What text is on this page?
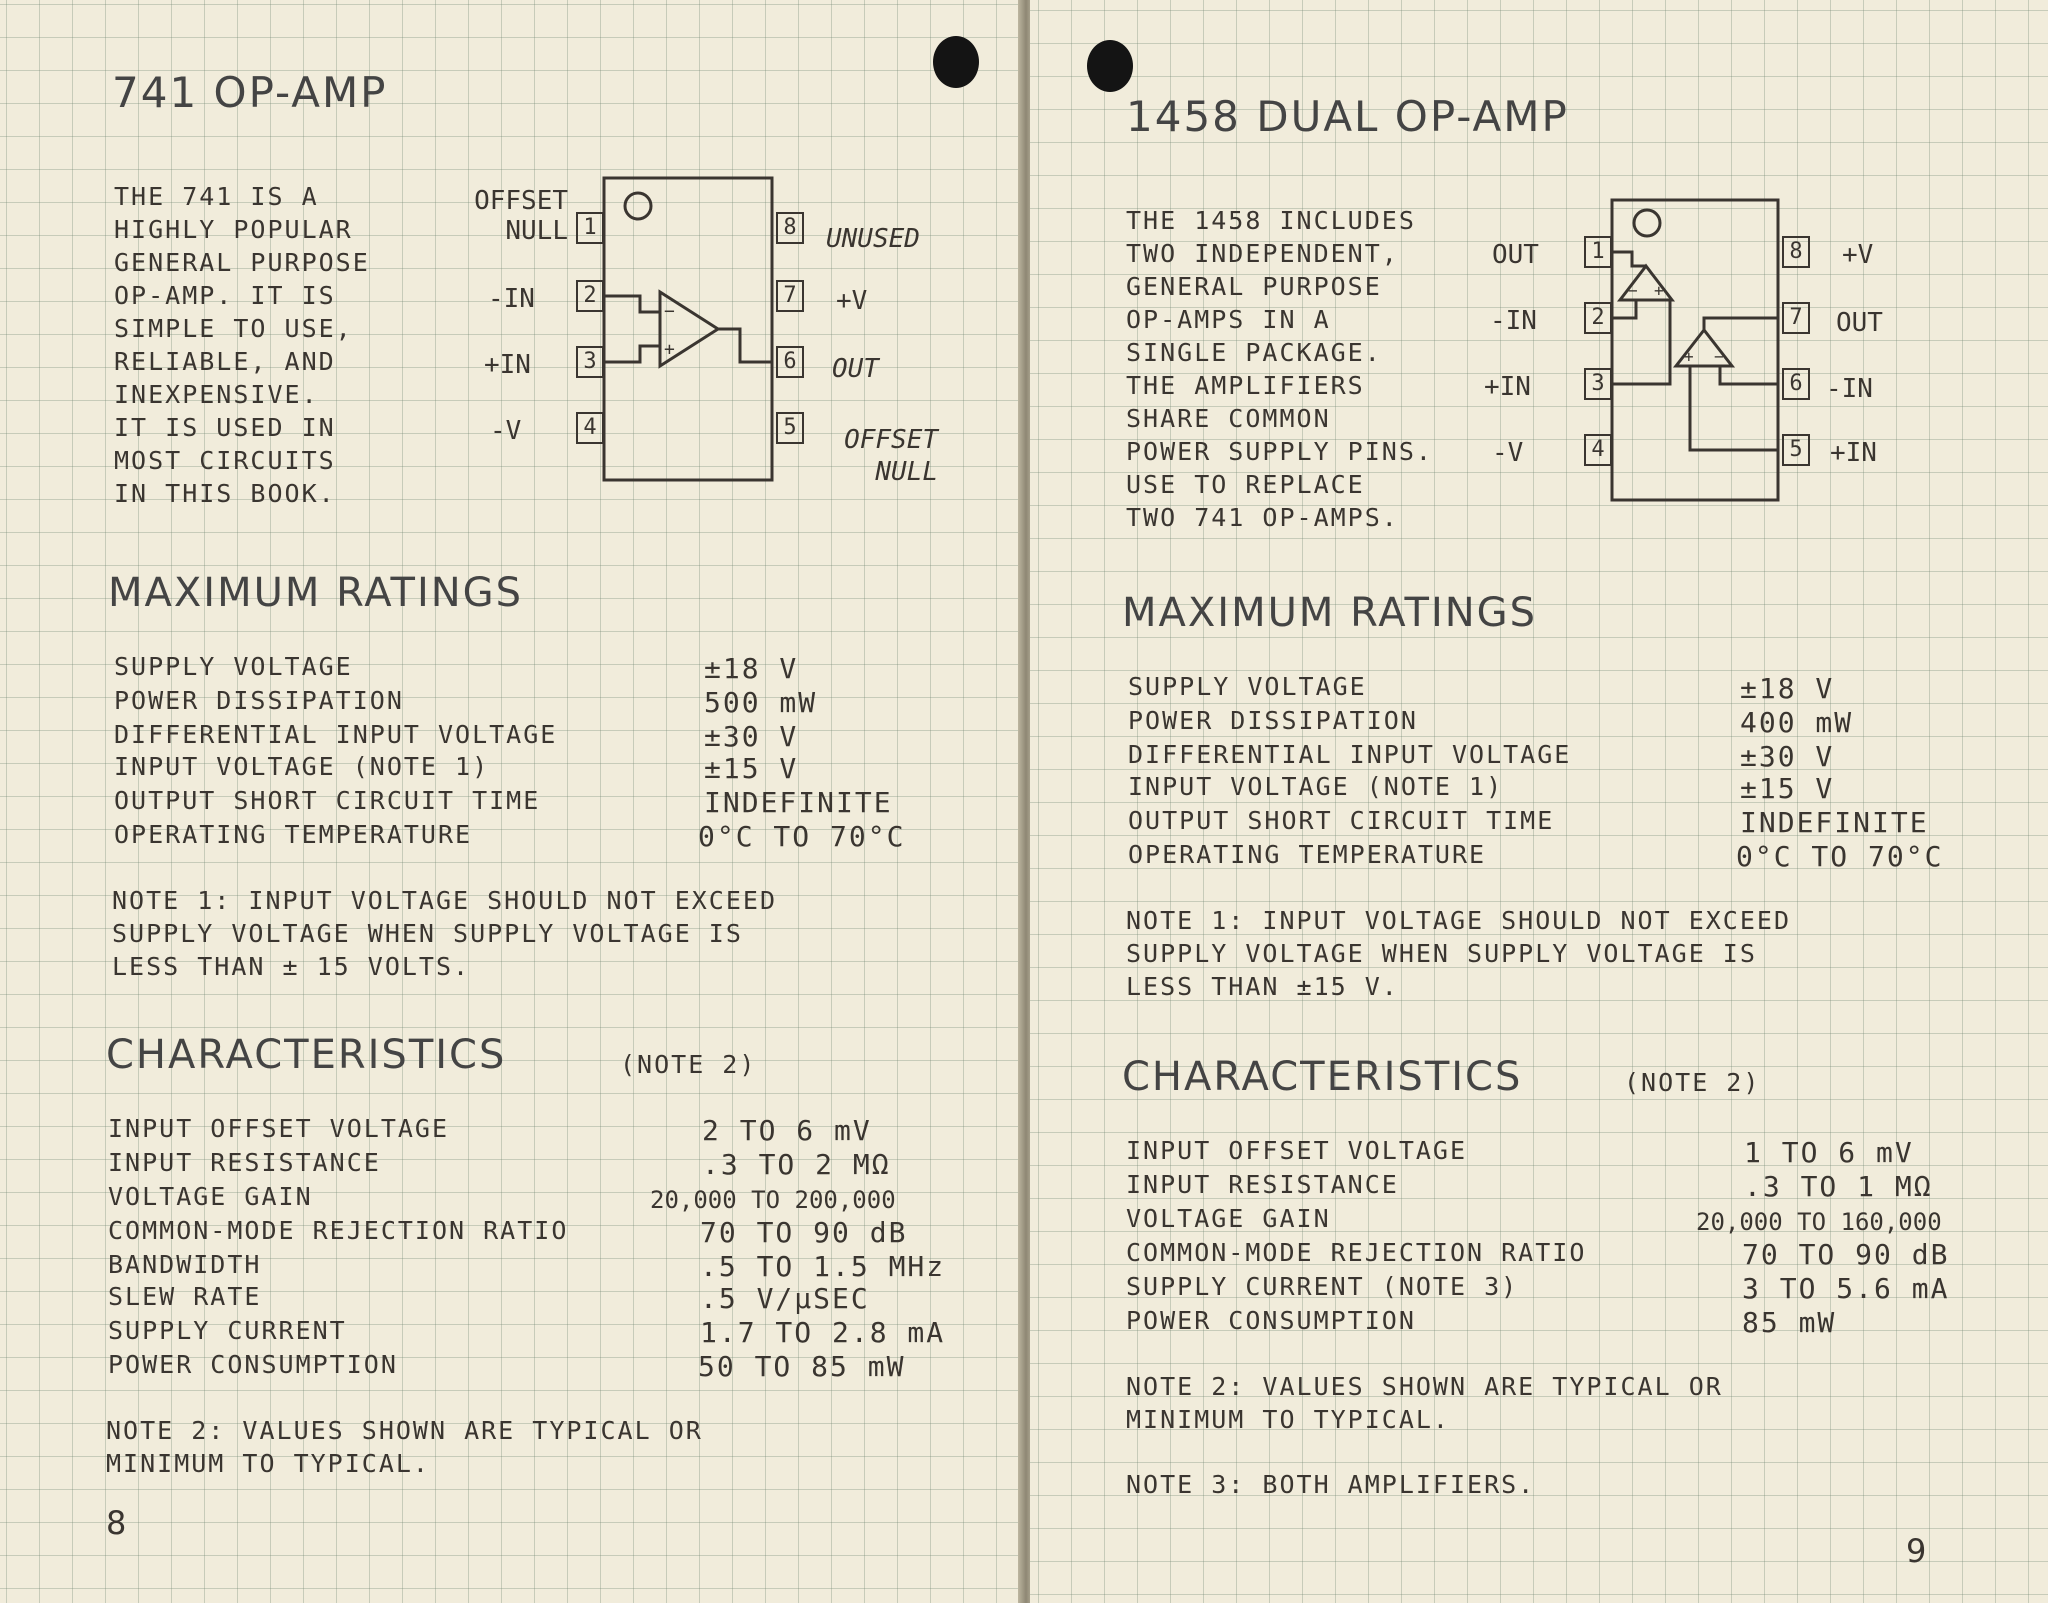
741 OP-AMP
THE 741 IS A
HIGHLY POPULAR
GENERAL PURPOSE
OP-AMP. IT IS
SIMPLE TO USE,
RELIABLE, AND
INEXPENSIVE.
IT IS USED IN
MOST CIRCUITS
IN THIS BOOK.
−
+
1
2
3
4	5
6
7
8
OFFSET
NULL
-IN
+IN
-V	OFFSET
NULL
OUT
+V
UNUSED
MAXIMUM RATINGS
SUPPLY VOLTAGE	±18 V
POWER DISSIPATION	500 mW
DIFFERENTIAL INPUT VOLTAGE	±30 V
INPUT VOLTAGE (NOTE 1)	±15 V
OUTPUT SHORT CIRCUIT TIME	INDEFINITE
OPERATING TEMPERATURE	0°C TO 70°C
NOTE 1: INPUT VOLTAGE SHOULD NOT EXCEED
SUPPLY VOLTAGE WHEN SUPPLY VOLTAGE IS
LESS THAN ± 15 VOLTS.
CHARACTERISTICS	(NOTE 2)
INPUT OFFSET VOLTAGE	2 TO 6 mV
INPUT RESISTANCE	.3 TO 2 MΩ
VOLTAGE GAIN	20,000 TO 200,000
COMMON-MODE REJECTION RATIO	70 TO 90 dB
BANDWIDTH	.5 TO 1.5 MHz
SLEW RATE	.5 V/µSEC
SUPPLY CURRENT	1.7 TO 2.8 mA
POWER CONSUMPTION	50 TO 85 mW
NOTE 2: VALUES SHOWN ARE TYPICAL OR
MINIMUM TO TYPICAL.
8
1458 DUAL OP-AMP
THE 1458 INCLUDES
TWO INDEPENDENT,
GENERAL PURPOSE
OP-AMPS IN A
SINGLE PACKAGE.
THE AMPLIFIERS
SHARE COMMON
POWER SUPPLY PINS.
USE TO REPLACE
TWO 741 OP-AMPS.
− +
+ −
1
2
3
4	5
6
7
8
OUT
-IN
+IN
-V	+IN
-IN
OUT
+V
MAXIMUM RATINGS
SUPPLY VOLTAGE	±18 V
POWER DISSIPATION	400 mW
DIFFERENTIAL INPUT VOLTAGE	±30 V
INPUT VOLTAGE (NOTE 1)	±15 V
OUTPUT SHORT CIRCUIT TIME	INDEFINITE
OPERATING TEMPERATURE	0°C TO 70°C
NOTE 1: INPUT VOLTAGE SHOULD NOT EXCEED
SUPPLY VOLTAGE WHEN SUPPLY VOLTAGE IS
LESS THAN ±15 V.
CHARACTERISTICS	(NOTE 2)
INPUT OFFSET VOLTAGE	1 TO 6 mV
INPUT RESISTANCE	.3 TO 1 MΩ
VOLTAGE GAIN	20,000 TO 160,000
COMMON-MODE REJECTION RATIO	70 TO 90 dB
SUPPLY CURRENT (NOTE 3)	3 TO 5.6 mA
POWER CONSUMPTION	85 mW
NOTE 2: VALUES SHOWN ARE TYPICAL OR
MINIMUM TO TYPICAL.
NOTE 3: BOTH AMPLIFIERS.
9
